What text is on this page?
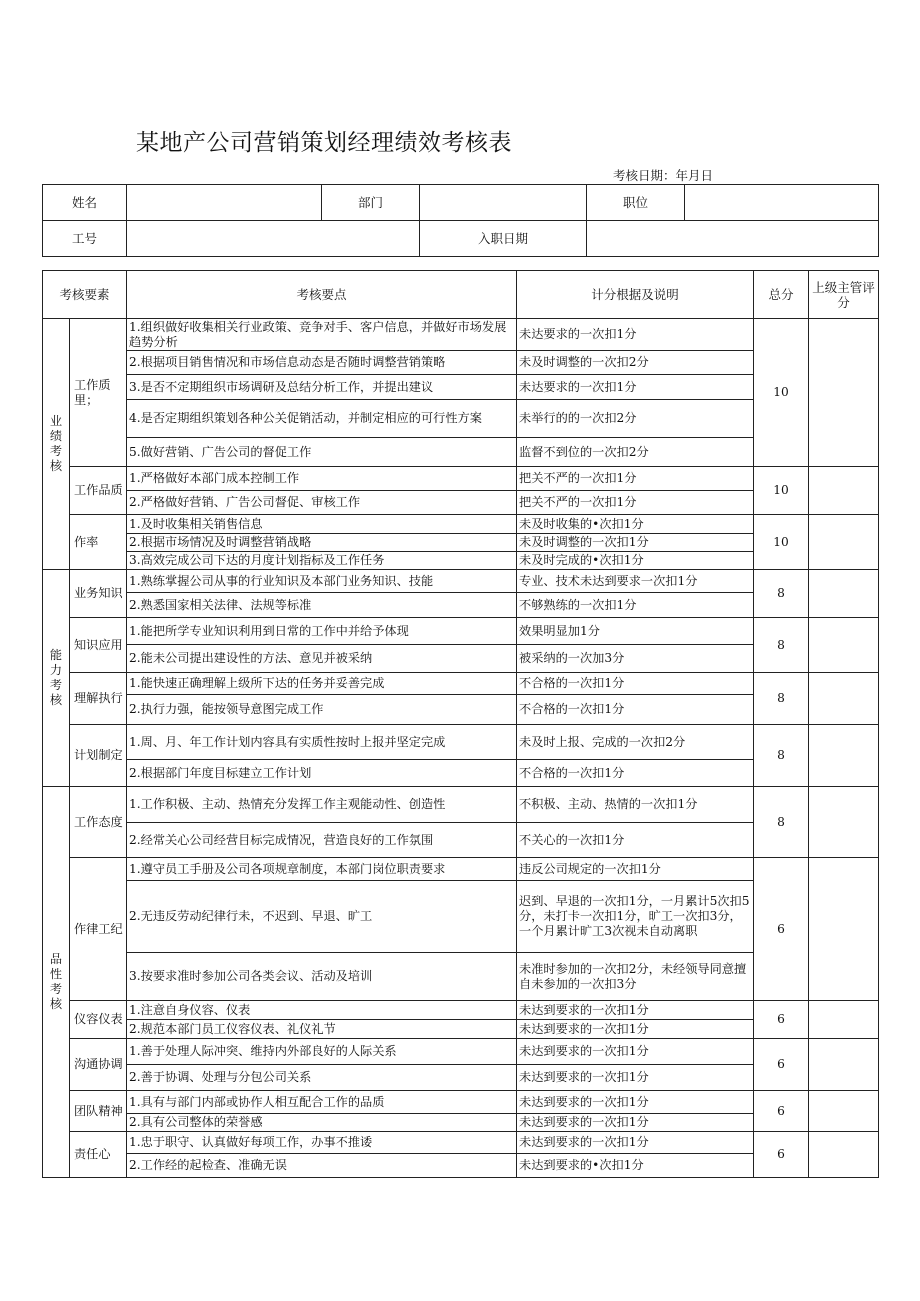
某地产公司营销策划经理绩效考核表
考核日期：年月日
姓名		部门		职位	
工号			入职日期		
考核要素		考核要点	计分根据及说明	总分	上级主管评分
业绩考核	工作质里；	1.组织做好收集相关行业政策、竞争对手、客户信息，并做好市场发展趋势分析	未达要求的一次扣1分	10	
		2.根据项目销售情况和市场信息动态是否随时调整营销策略	未及时调整的一次扣2分		
		3.是否不定期组织市场调研及总结分析工作，并提出建议	未达要求的一次扣1分		
		4.是否定期组织策划各种公关促销活动，并制定相应的可行性方案	未举行的的一次扣2分		
		5.做好营销、广告公司的督促工作	监督不到位的一次扣2分		
	工作品质	1.严格做好本部门成本控制工作	把关不严的一次扣1分	10	
		2.严格做好营销、广告公司督促、审核工作	把关不严的一次扣1分		
	作率	1.及时收集相关销售信息	未及时收集的•次扣1分	10	
		2.根据市场情况及时调整营销战略	未及时调整的一次扣1分		
		3.高效完成公司下达的月度计划指标及工作任务	未及时完成的•次扣1分		
能力考核	业务知识	1.熟练掌握公司从事的行业知识及本部门业务知识、技能	专业、技术未达到要求一次扣1分	8	
		2.熟悉国家相关法律、法规等标准	不够熟练的一次扣1分		
	知识应用	1.能把所学专业知识利用到日常的工作中并给予体现	效果明显加1分	8	
		2.能未公司提出建设性的方法、意见并被采纳	被采纳的一次加3分		
	理解执行	1.能快速正确理解上级所下达的任务并妥善完成	不合格的一次扣1分	8	
		2.执行力强，能按领导意图完成工作	不合格的一次扣1分		
	计划制定	1.周、月、年工作计划内容具有实质性按时上报并坚定完成	未及时上报、完成的一次扣2分	8	
		2.根据部门年度目标建立工作计划	不合格的一次扣1分		
品性考核	工作态度	1.工作积极、主动、热情充分发挥工作主观能动性、创造性	不积极、主动、热情的一次扣1分	8	
		2.经常关心公司经营目标完成情况，营造良好的工作氛围	不关心的一次扣1分		
	作律工纪	1.遵守员工手册及公司各项规章制度，本部门岗位职责要求	违反公司规定的一次扣1分	6	
		2.无违反劳动纪律行未，不迟到、早退、旷工	迟到、早退的一次扣1分，一月累计5次扣5分，未打卡一次扣1分，旷工一次扣3分，一个月累计旷工3次视未自动离职		
		3.按要求准时参加公司各类会议、活动及培训	未准时参加的一次扣2分，未经领导同意擅自未参加的一次扣3分		
	仪容仪表	1.注意自身仪容、仪表	未达到要求的一次扣1分	6	
		2.规范本部门员工仪容仪表、礼仪礼节	未达到要求的一次扣1分		
	沟通协调	1.善于处理人际冲突、维持内外部良好的人际关系	未达到要求的一次扣1分	6	
		2.善于协调、处理与分包公司关系	未达到要求的一次扣1分		
	团队精神	1.具有与部门内部或协作人相互配合工作的品质	未达到要求的一次扣1分	6	
		2.具有公司整体的荣誉感	未达到要求的一次扣1分		
	责任心	1.忠于职守、认真做好每项工作，办事不推诿	未达到要求的一次扣1分	6	
		2.工作经的起检查、准确无误	未达到要求的•次扣1分		
